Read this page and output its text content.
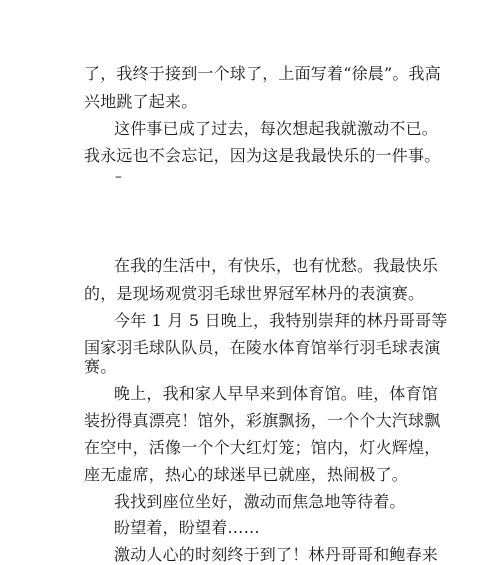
了，我终于接到一个球了，上面写着“徐晨”。我高
兴地跳了起来。
这件事已成了过去，每次想起我就激动不已。
我永远也不会忘记，因为这是我最快乐的一件事。
–
在我的生活中，有快乐，也有忧愁。我最快乐
的，是现场观赏羽毛球世界冠军林丹的表演赛。
今年 1 月 5 日晚上，我特别崇拜的林丹哥哥等
国家羽毛球队队员，在陵水体育馆举行羽毛球表演
赛。
晚上，我和家人早早来到体育馆。哇，体育馆
装扮得真漂亮！馆外，彩旗飘扬，一个个大汽球飘
在空中，活像一个个大红灯笼；馆内，灯火辉煌，
座无虚席，热心的球迷早已就座，热闹极了。
我找到座位坐好，激动而焦急地等待着。
盼望着，盼望着……
激动人心的时刻终于到了！林丹哥哥和鲍春来
